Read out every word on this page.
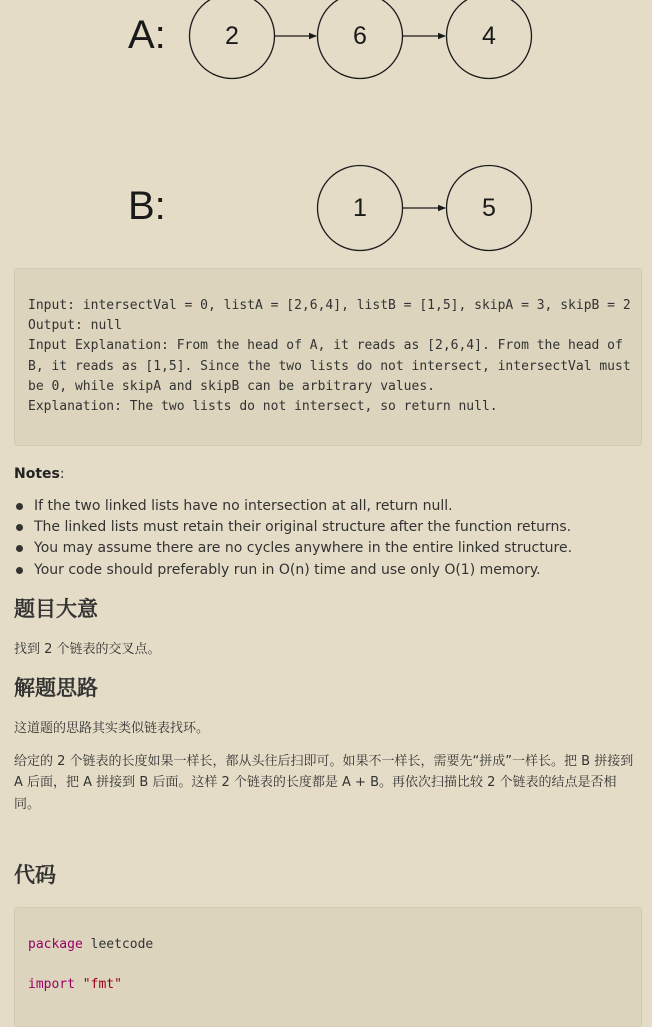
A: 2	6	4
B:	1	5
Input: intersectVal = 0, listA = [2,6,4], listB = [1,5], skipA = 3, skipB = 2
Output: null
Input Explanation: From the head of A, it reads as [2,6,4]. From the head of
B, it reads as [1,5]. Since the two lists do not intersect, intersectVal must
be 0, while skipA and skipB can be arbitrary values.
Explanation: The two lists do not intersect, so return null.
Notes:
If the two linked lists have no intersection at all, return null.
The linked lists must retain their original structure after the function returns.
You may assume there are no cycles anywhere in the entire linked structure.
Your code should preferably run in O(n) time and use only O(1) memory.
题目大意

找到 2 个链表的交叉点。

解题思路

这道题的思路其实类似链表找环。

给定的 2 个链表的长度如果一样长，都从头往后扫即可。如果不一样长，需要先“拼成”一样长。把 B 拼接到 A 后面，把 A 拼接到 B 后面。这样 2 个链表的长度都是 A + B。再依次扫描比较 2 个链表的结点是否相同。

代码
package leetcode

import "fmt"
